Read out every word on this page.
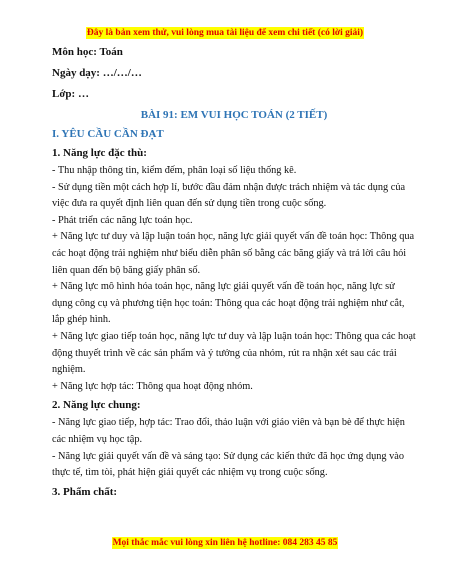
Đây là bản xem thử, vui lòng mua tài liệu để xem chi tiết (có lời giải)
Môn học: Toán
Ngày dạy: …/…/…
Lớp: …
BÀI 91: EM VUI HỌC TOÁN (2 TIẾT)
I. YÊU CẦU CẦN ĐẠT
1. Năng lực đặc thù:
- Thu nhập thông tin, kiểm đếm, phân loại số liệu thống kê.
- Sử dụng tiền một cách hợp lí, bước đầu đảm nhận được trách nhiệm và tác dụng của việc đưa ra quyết định liên quan đến sử dụng tiền trong cuộc sống.
- Phát triển các năng lực toán học.
+ Năng lực tư duy và lập luận toán học, năng lực giải quyết vấn đề toán học: Thông qua các hoạt động trải nghiệm như biểu diễn phân số bằng các băng giấy và trả lời câu hỏi liên quan đến bộ băng giấy phân số.
+ Năng lực mô hình hóa toán học, năng lực giải quyết vấn đề toán học, năng lực sử dụng công cụ và phương tiện học toán: Thông qua các hoạt động trải nghiệm như cắt, lắp ghép hình.
+ Năng lực giao tiếp toán học, năng lực tư duy và lập luận toán học: Thông qua các hoạt động thuyết trình về các sản phẩm và ý tưởng của nhóm, rút ra nhận xét sau các trải nghiệm.
+ Năng lực hợp tác: Thông qua hoạt động nhóm.
2. Năng lực chung:
- Năng lực giao tiếp, hợp tác: Trao đổi, thảo luận với giáo viên và bạn bè để thực hiện các nhiệm vụ học tập.
- Năng lực giải quyết vấn đề và sáng tạo: Sử dụng các kiến thức đã học ứng dụng vào thực tế, tìm tòi, phát hiện giải quyết các nhiệm vụ trong cuộc sống.
3. Phẩm chất:
Mọi thắc mắc vui lòng xin liên hệ hotline: 084 283 45 85
